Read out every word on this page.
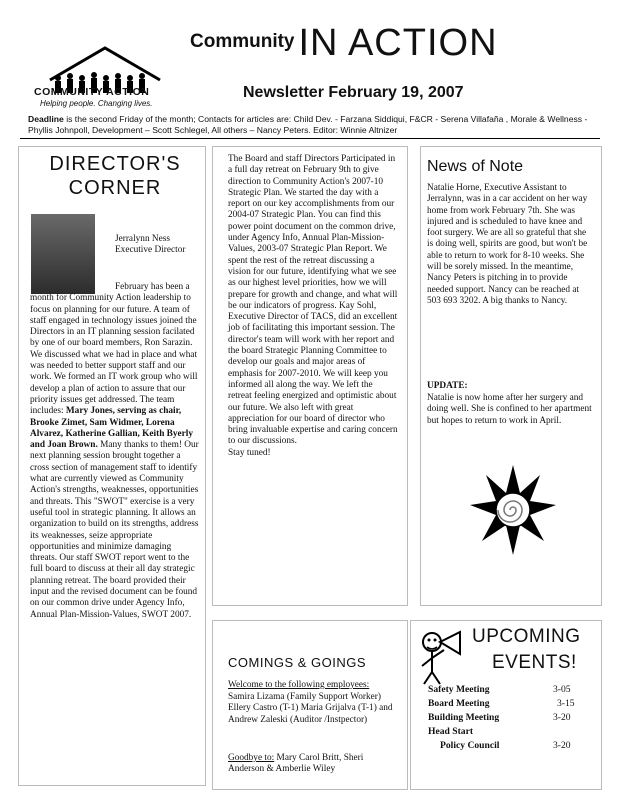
COMMUNITY ACTION
Helping people. Changing lives.
Community IN ACTION
Newsletter February 19, 2007
Deadline is the second Friday of the month; Contacts for articles are: Child Dev. - Farzana Siddiqui, F&CR - Serena Villafaña , Morale & Wellness -Phyllis Johnpoll, Development – Scott Schlegel, All others – Nancy Peters. Editor: Winnie Altnizer
DIRECTOR'S CORNER
Jerralynn Ness
Executive Director
February has been a month for Community Action leadership to focus on planning for our future. A team of staff engaged in technology issues joined the Directors in an IT planning session facilated by one of our board members, Ron Sarazin. We discussed what we had in place and what was needed to better support staff and our work. We formed an IT work group who will develop a plan of action to assure that our priority issues get addressed. The team includes: Mary Jones, serving as chair, Brooke Zimet, Sam Widmer, Lorena Alvarez, Katherine Gallian, Keith Byerly and Joan Brown. Many thanks to them! Our next planning session brought together a cross section of management staff to identify what are currently viewed as Community Action's strengths, weaknesses, opportunities and threats. This "SWOT" exercise is a very useful tool in strategic planning. It allows an organization to build on its strengths, address its weaknesses, seize appropriate opportunities and minimize damaging threats. Our staff SWOT report went to the full board to discuss at their all day strategic planning retreat. The board provided their input and the revised document can be found on our common drive under Agency Info, Annual Plan-Mission-Values, SWOT 2007.
The Board and staff Directors Participated in a full day retreat on February 9th to give direction to Community Action's 2007-10 Strategic Plan. We started the day with a report on our key accomplishments from our 2004-07 Strategic Plan. You can find this power point document on the common drive, under Agency Info, Annual Plan-Mission-Values, 2003-07 Strategic Plan Report. We spent the rest of the retreat discussing a vision for our future, identifying what we see as our highest level priorities, how we will prepare for growth and change, and what will be our indicators of progress. Kay Sohl, Executive Director of TACS, did an excellent job of facilitating this important session. The director's team will work with her report and the board Strategic Planning Committee to develop our goals and major areas of emphasis for 2007-2010. We will keep you informed all along the way. We left the retreat feeling energized and optimistic about our future. We also left with great appreciation for our board of director who bring invaluable expertise and caring concern to our discussions.
Stay tuned!
News of Note
Natalie Horne, Executive Assistant to Jerralynn, was in a car accident on her way home from work February 7th. She was injured and is scheduled to have knee and foot surgery. We are all so grateful that she is doing well, spirits are good, but won't be able to return to work for 8-10 weeks. She will be sorely missed. In the meantime, Nancy Peters is pitching in to provide needed support. Nancy can be reached at 503 693 3202. A big thanks to Nancy.
UPDATE:
Natalie is now home after her surgery and doing well. She is confined to her apartment but hopes to return to work in April.
COMINGS & GOINGS
Welcome to the following employees:
Samira Lizama (Family Support Worker) Ellery Castro (T-1) Maria Grijalva (T-1) and Andrew Zaleski (Auditor /Instpector)
Goodbye to: Mary Carol Britt, Sheri Anderson & Amberlie Wiley
UPCOMING
EVENTS!
Safety Meeting	3-05
Board Meeting	3-15
Building Meeting	3-20
Head Start
Policy Council	3-20
